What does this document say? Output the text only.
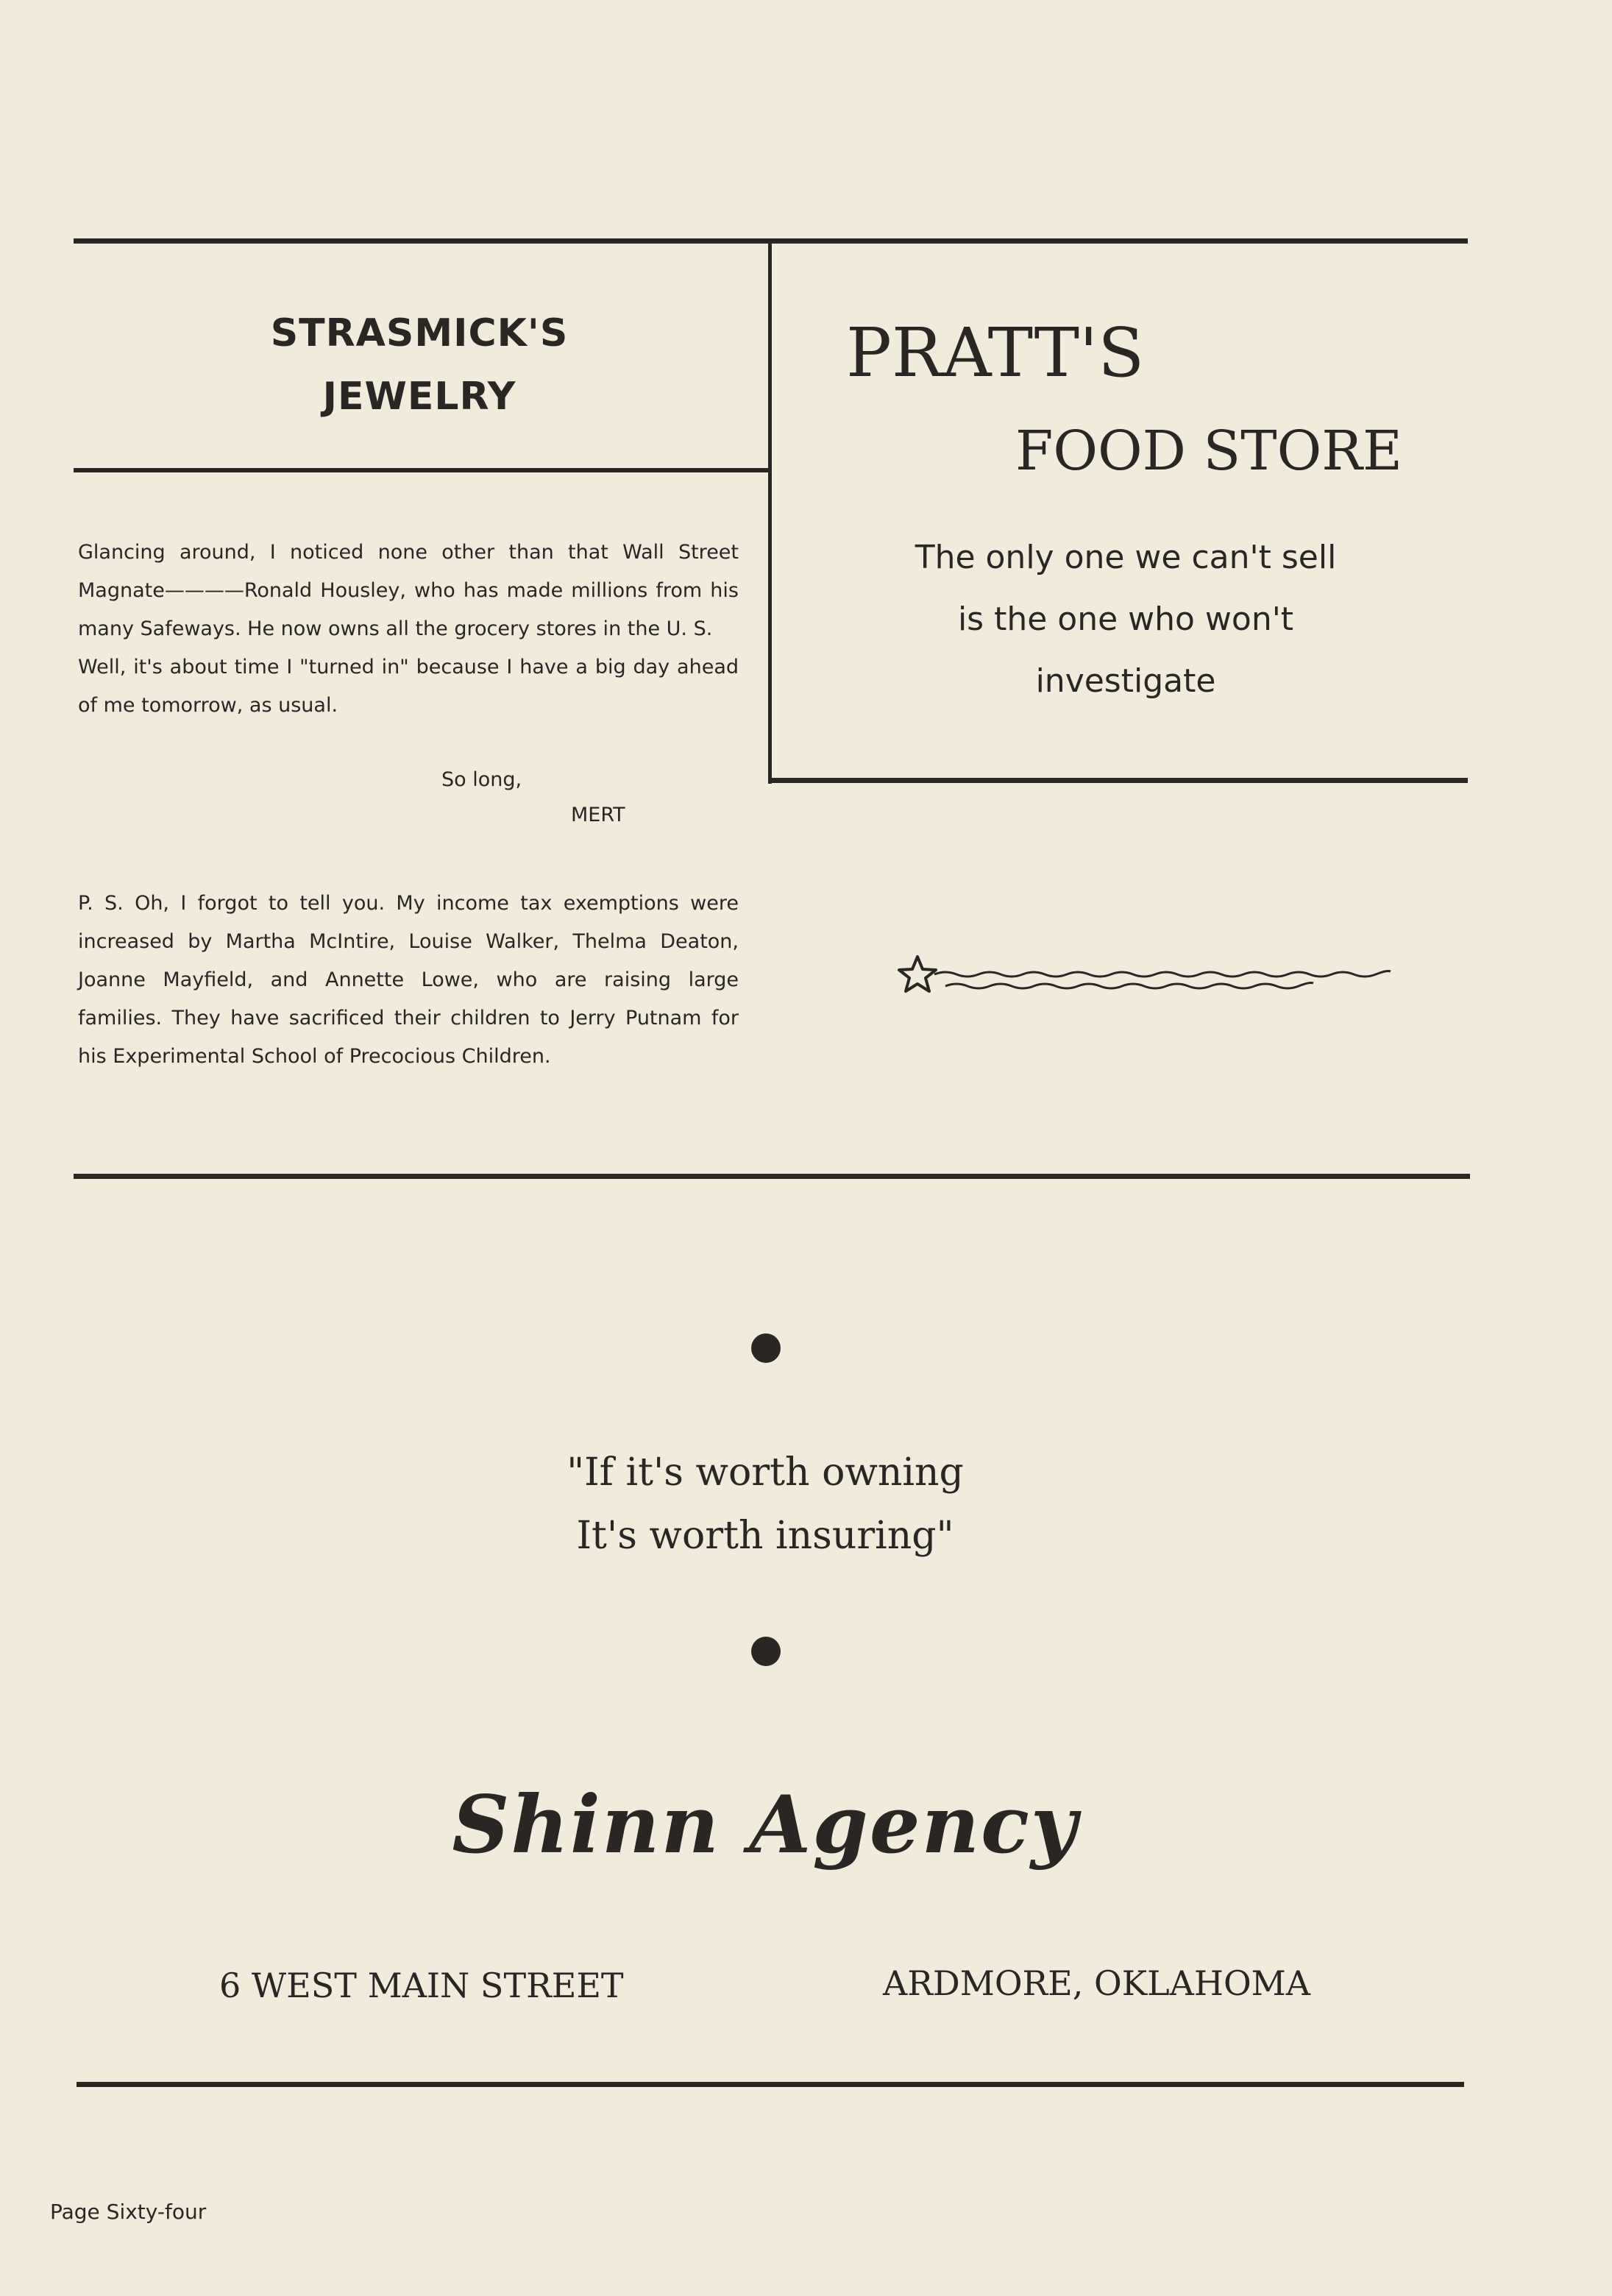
STRASMICK'S
JEWELRY

Glancing around, I noticed none other than that Wall Street Magnate————Ronald Housley, who has made millions from his many Safeways. He now owns all the grocery stores in the U. S.

Well, it's about time I "turned in" because I have a big day ahead of me tomorrow, as usual.

So long,
MERT
P. S. Oh, I forgot to tell you. My income tax exemptions were increased by Martha McIntire, Louise Walker, Thelma Deaton, Joanne Mayfield, and Annette Lowe, who are raising large families. They have sacrificed their children to Jerry Putnam for his Experimental School of Precocious Children.
PRATT'S
FOOD STORE
The only one we can't sell
is the one who won't
investigate
"If it's worth owning
It's worth insuring"
Shinn Agency
6 WEST MAIN STREET	ARDMORE, OKLAHOMA
Page Sixty-four
